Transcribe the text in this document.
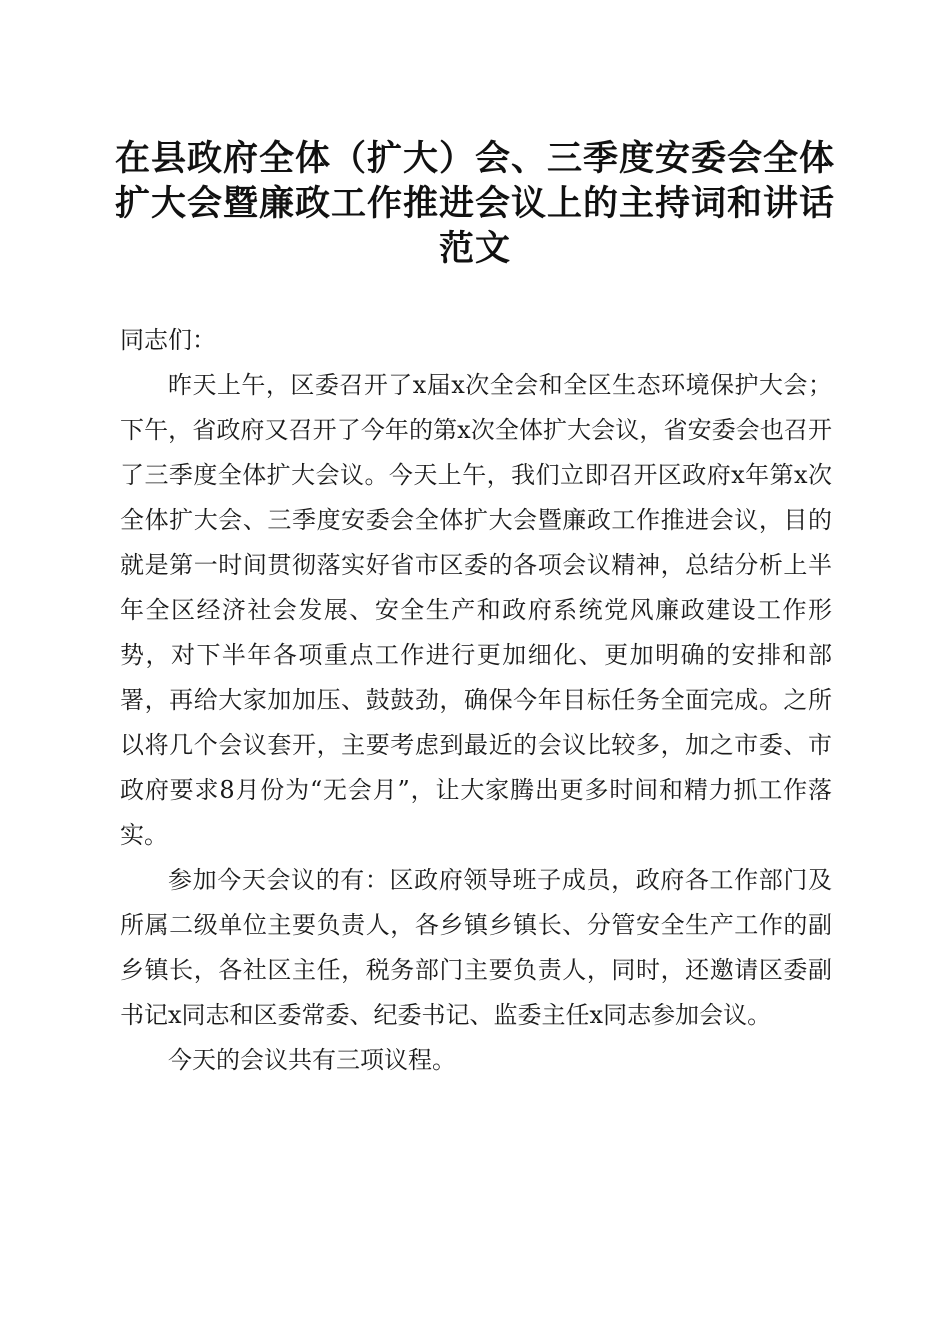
在县政府全体（扩大）会、三季度安委会全体
扩大会暨廉政工作推进会议上的主持词和讲话
范文

同志们：

昨天上午，区委召开了x届x次全会和全区生态环境保护大会；下午，省政府又召开了今年的第x次全体扩大会议，省安委会也召开了三季度全体扩大会议。今天上午，我们立即召开区政府x年第x次全体扩大会、三季度安委会全体扩大会暨廉政工作推进会议，目的就是第一时间贯彻落实好省市区委的各项会议精神，总结分析上半年全区经济社会发展、安全生产和政府系统党风廉政建设工作形势，对下半年各项重点工作进行更加细化、更加明确的安排和部署，再给大家加加压、鼓鼓劲，确保今年目标任务全面完成。之所以将几个会议套开，主要考虑到最近的会议比较多，加之市委、市政府要求8月份为“无会月”，让大家腾出更多时间和精力抓工作落实。

参加今天会议的有：区政府领导班子成员，政府各工作部门及所属二级单位主要负责人，各乡镇乡镇长、分管安全生产工作的副乡镇长，各社区主任，税务部门主要负责人，同时，还邀请区委副书记x同志和区委常委、纪委书记、监委主任x同志参加会议。

今天的会议共有三项议程。
